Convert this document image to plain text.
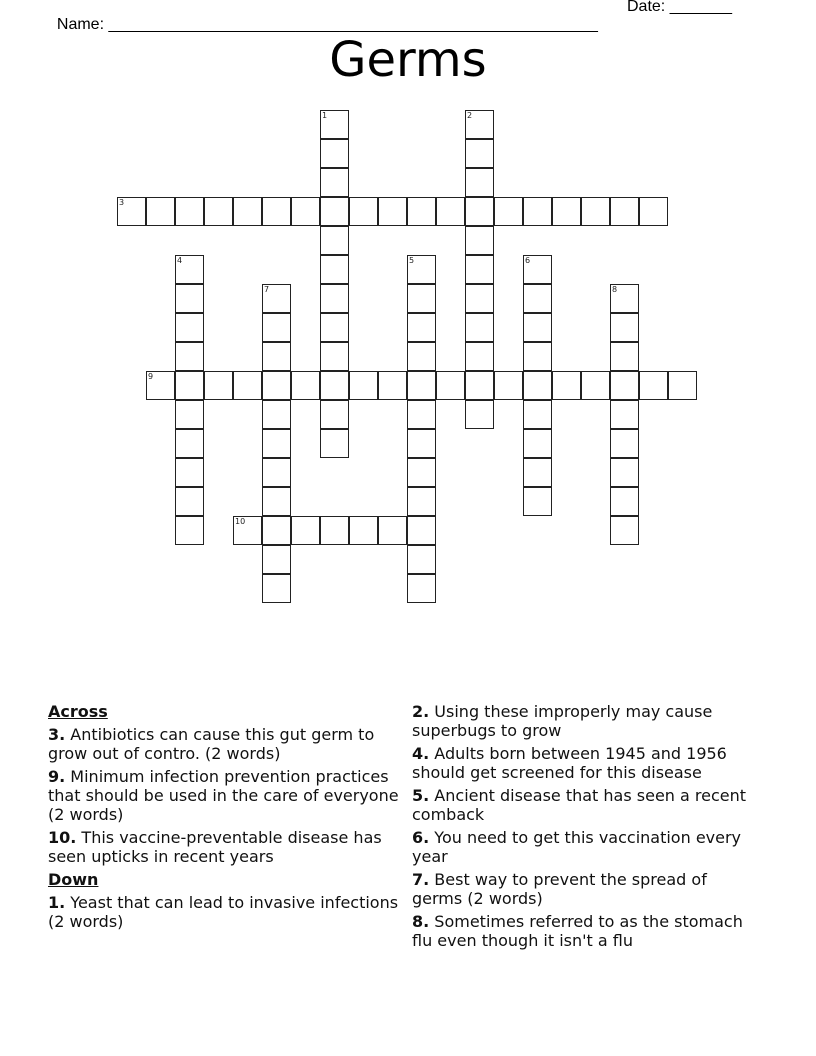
Name: _______________________________________________________

Date: _______

Germs
1	2
3
4	5	6
7	8
9
10
Across
3. Antibiotics can cause this gut germ to grow out of contro. (2 words)
9. Minimum infection prevention practices that should be used in the care of everyone (2 words)
10. This vaccine-preventable disease has seen upticks in recent years
Down
1. Yeast that can lead to invasive infections (2 words)
2. Using these improperly may cause superbugs to grow
4. Adults born between 1945 and 1956 should get screened for this disease
5. Ancient disease that has seen a recent comback
6. You need to get this vaccination every year
7. Best way to prevent the spread of germs (2 words)
8. Sometimes referred to as the stomach flu even though it isn't a flu
